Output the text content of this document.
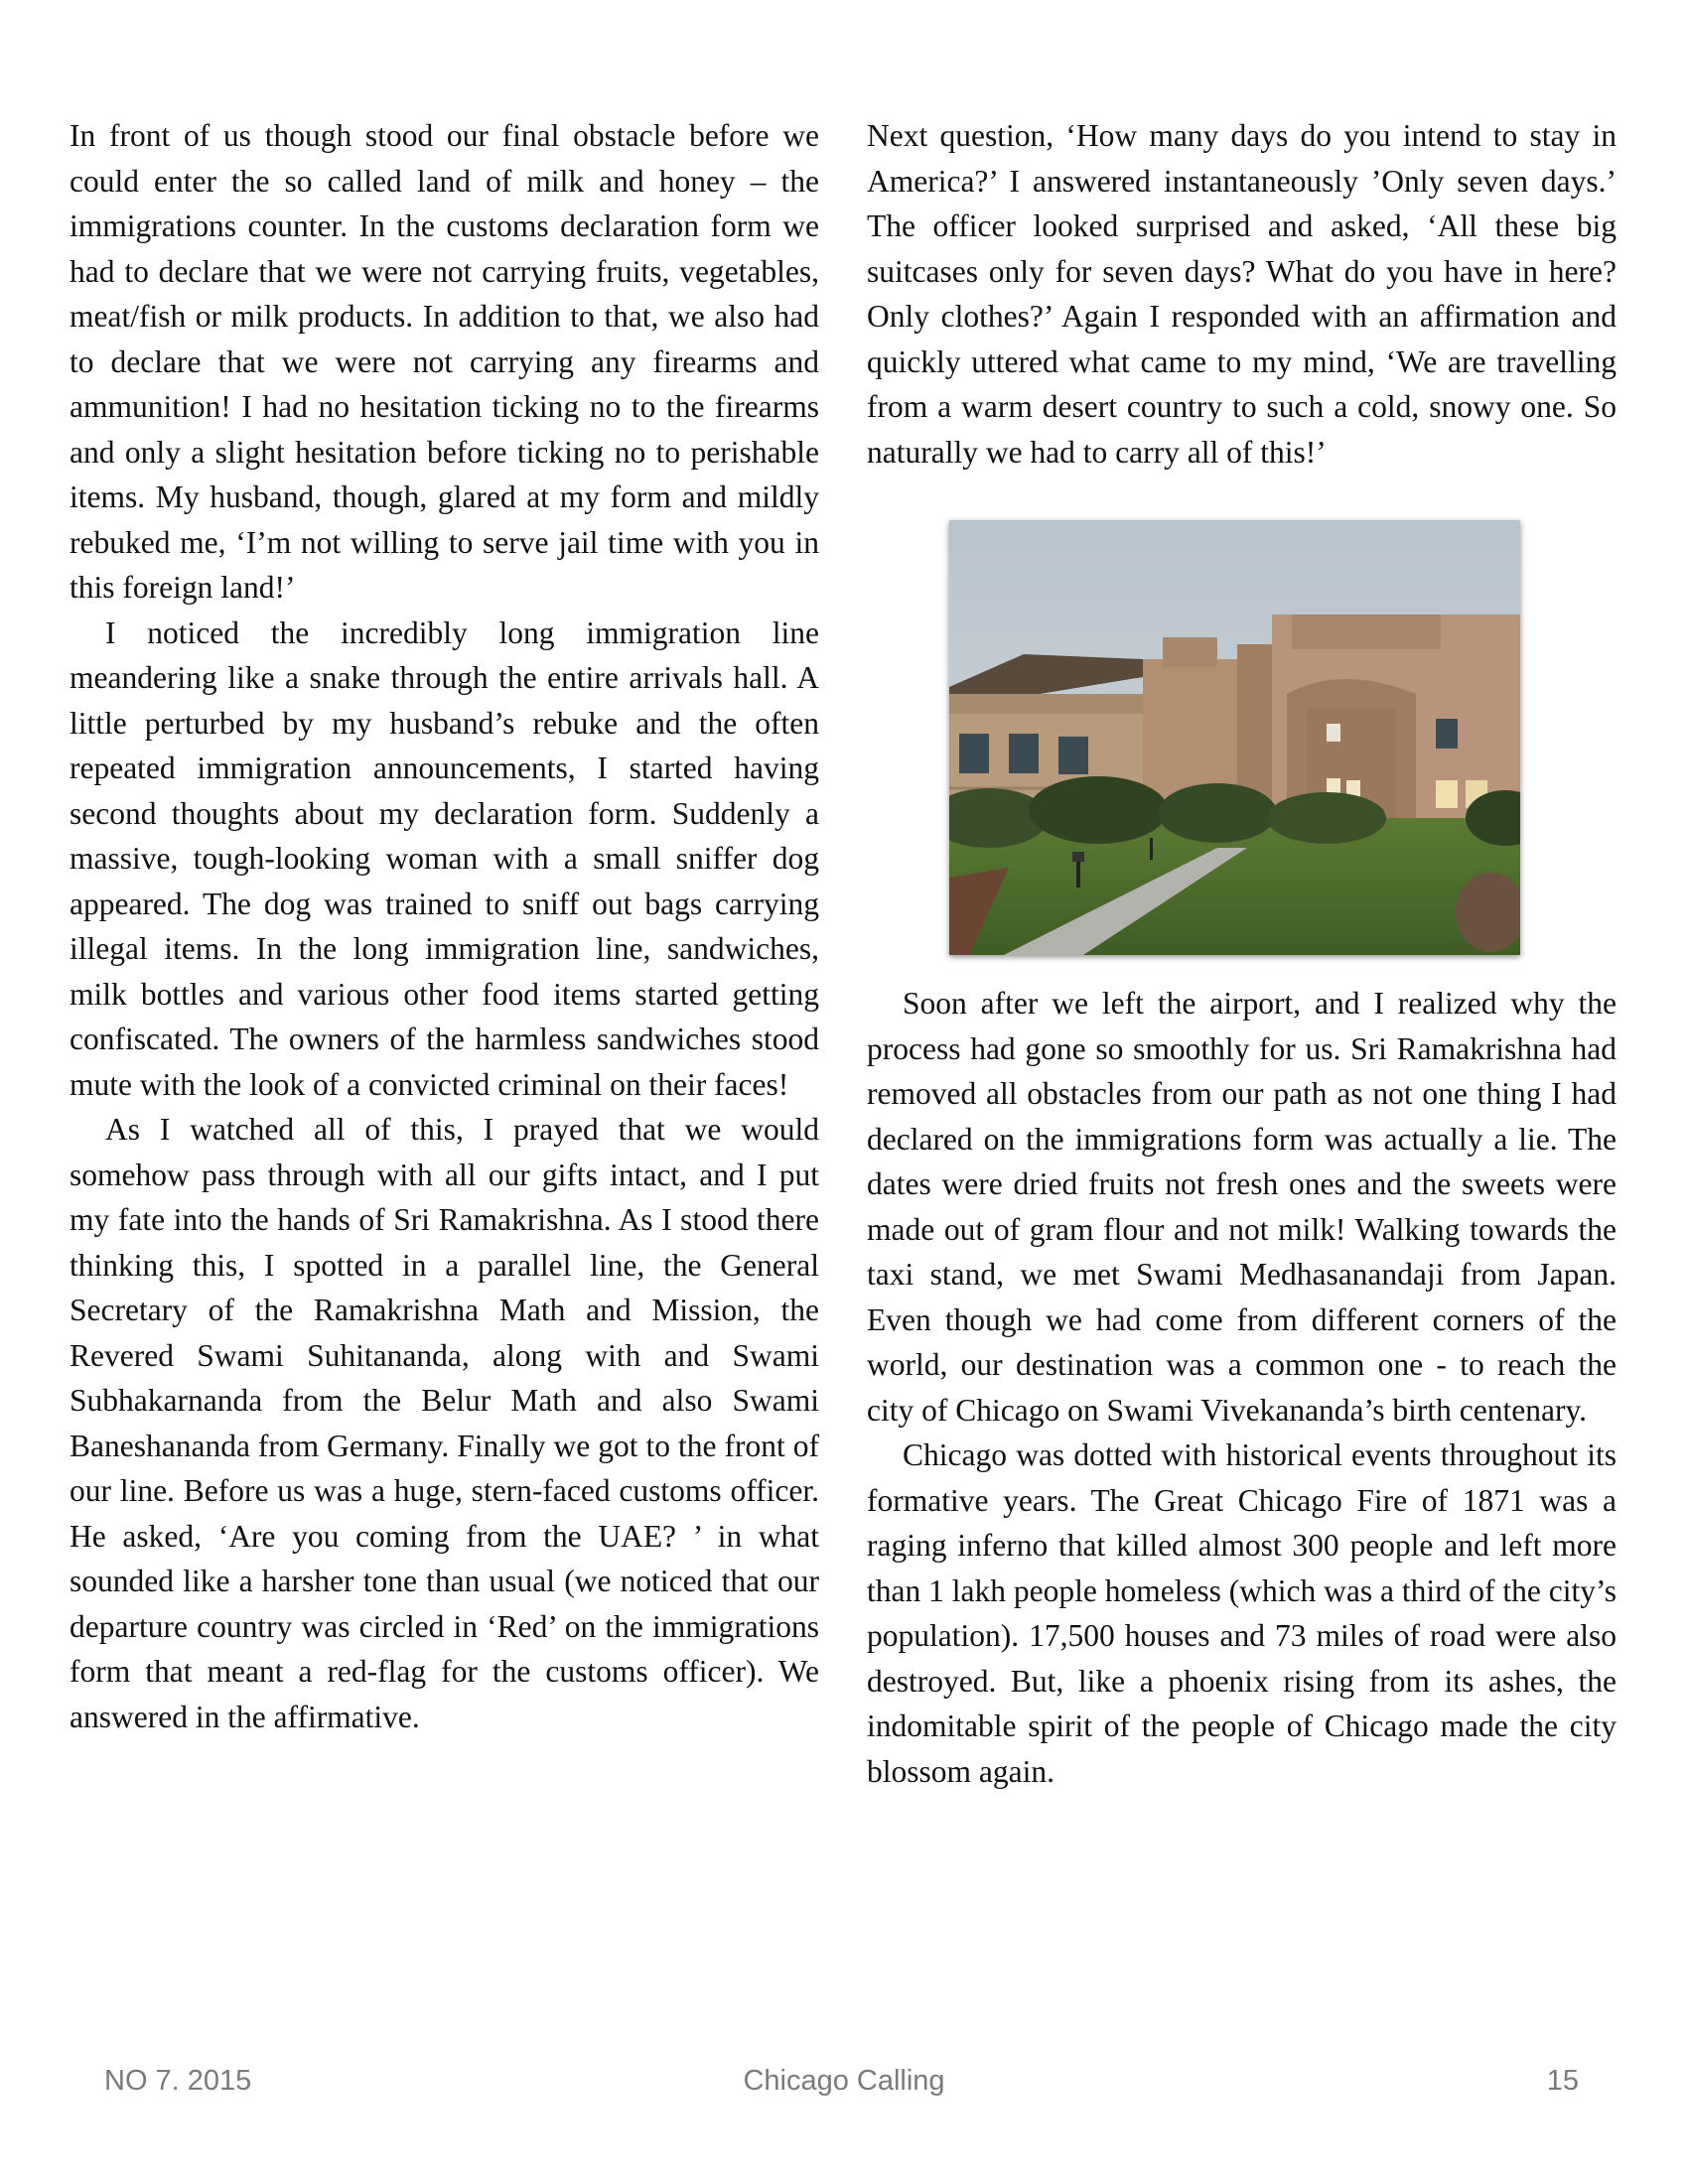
In front of us though stood our final obstacle before we could enter the so called land of milk and honey – the immigrations counter. In the customs declaration form we had to declare that we were not carrying fruits, vegetables, meat/fish or milk products. In addition to that, we also had to declare that we were not carrying any firearms and ammunition! I had no hesitation ticking no to the firearms and only a slight hesitation before ticking no to perishable items. My husband, though, glared at my form and mildly rebuked me, ‘I’m not willing to serve jail time with you in this foreign land!’

I noticed the incredibly long immigration line meandering like a snake through the entire arrivals hall. A little perturbed by my husband’s rebuke and the often repeated immigration announcements, I started having second thoughts about my declaration form. Suddenly a massive, tough-looking woman with a small sniffer dog appeared. The dog was trained to sniff out bags carrying illegal items. In the long immigration line, sandwiches, milk bottles and various other food items started getting confiscated. The owners of the harmless sandwiches stood mute with the look of a convicted criminal on their faces!

As I watched all of this, I prayed that we would somehow pass through with all our gifts intact, and I put my fate into the hands of Sri Ramakrishna. As I stood there thinking this, I spotted in a parallel line, the General Secretary of the Ramakrishna Math and Mission, the Revered Swami Suhitananda, along with and Swami Subhakarnanda from the Belur Math and also Swami Baneshananda from Germany. Finally we got to the front of our line. Before us was a huge, stern-faced customs officer. He asked, ‘Are you coming from the UAE? ’ in what sounded like a harsher tone than usual (we noticed that our departure country was circled in ‘Red’ on the immigrations form that meant a red-flag for the customs officer). We answered in the affirmative.

Next question, ‘How many days do you intend to stay in America?’ I answered instantaneously ’Only seven days.’ The officer looked surprised and asked, ‘All these big suitcases only for seven days? What do you have in here? Only clothes?’ Again I responded with an affirmation and quickly uttered what came to my mind, ‘We are travelling from a warm desert country to such a cold, snowy one. So naturally we had to carry all of this!’

Soon after we left the airport, and I realized why the process had gone so smoothly for us. Sri Ramakrishna had removed all obstacles from our path as not one thing I had declared on the immigrations form was actually a lie. The dates were dried fruits not fresh ones and the sweets were made out of gram flour and not milk! Walking towards the taxi stand, we met Swami Medhasanandaji from Japan. Even though we had come from different corners of the world, our destination was a common one - to reach the city of Chicago on Swami Vivekananda’s birth centenary.

Chicago was dotted with historical events throughout its formative years. The Great Chicago Fire of 1871 was a raging inferno that killed almost 300 people and left more than 1 lakh people homeless (which was a third of the city’s population). 17,500 houses and 73 miles of road were also destroyed. But, like a phoenix rising from its ashes, the indomitable spirit of the people of Chicago made the city blossom again.

NO 7. 2015	Chicago Calling	15
